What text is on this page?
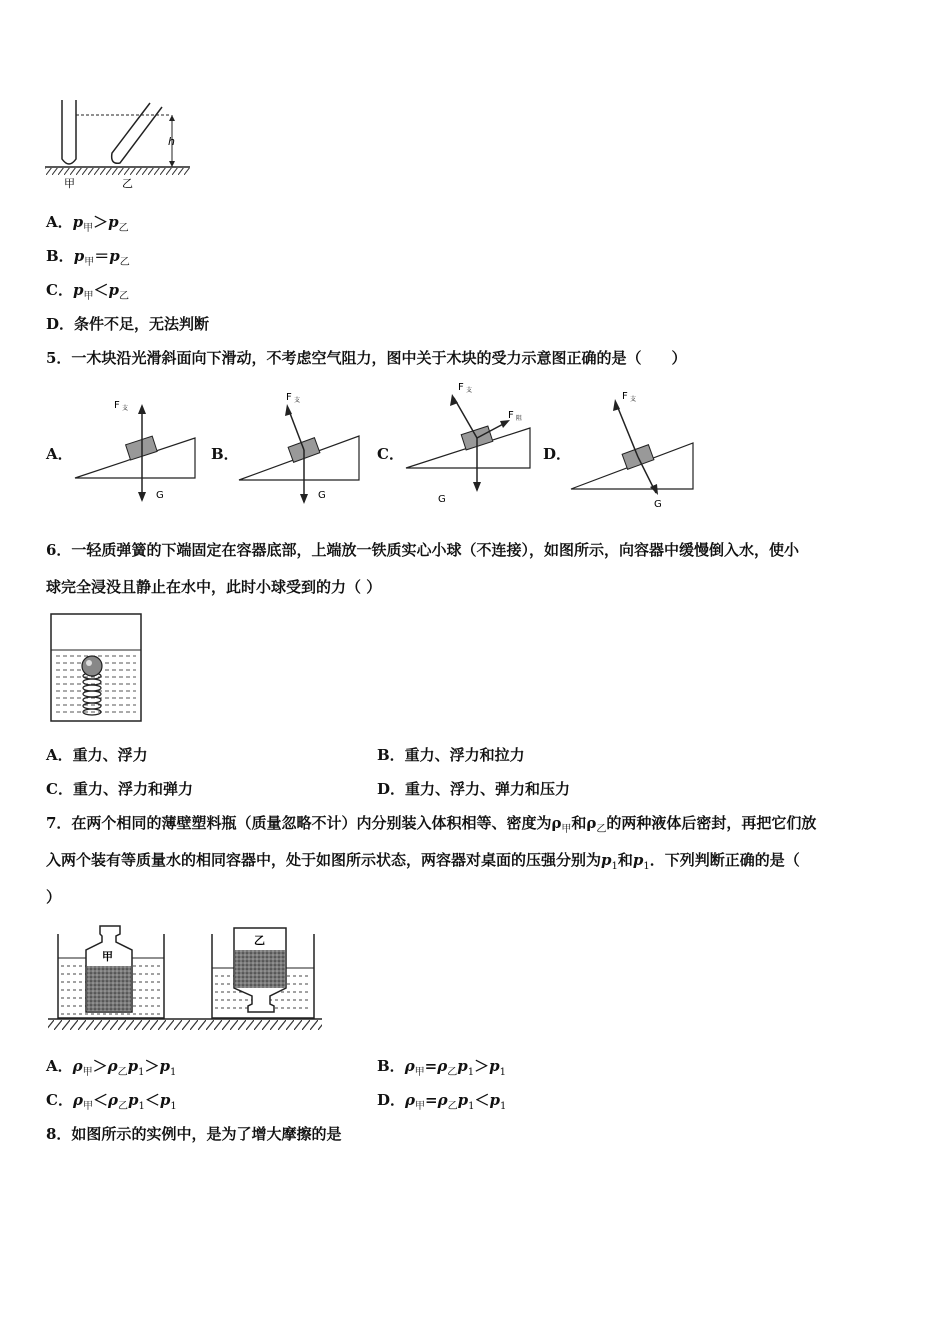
h
甲	乙
A．$p_甲>p_乙$
B．$p_甲=p_乙$
C．$p_甲<p_乙$
D．条件不足，无法判断
5．一木块沿光滑斜面向下滑动，不考虑空气阻力，图中关于木块的受力示意图正确的是（　　）
A．	B．	C．	D．
F 支
G
F 支
G
F 支
F 阻
G
F 支
G
6．一轻质弹簧的下端固定在容器底部，上端放一铁质实心小球（不连接），如图所示，向容器中缓慢倒入水，使小
球完全浸没且静止在水中，此时小球受到的力（ ）
A．重力、浮力	B．重力、浮力和拉力
C．重力、浮力和弹力	D．重力、浮力、弹力和压力
7．在两个相同的薄壁塑料瓶（质量忽略不计）内分别装入体积相等、密度为$\rho_甲$和$\rho_乙$的两种液体后密封，再把它们放
入两个装有等质量水的相同容器中，处于如图所示状态，两容器对桌面的压强分别为$p_1$和$p_1$．下列判断正确的是（
）
甲
乙
A．$\rho_甲>\rho_乙p_1>p_1$	B．$\rho_甲=\rho_乙p_1>p_1$
C．$\rho_甲<\rho_乙p_1<p_1$	D．$\rho_甲=\rho_乙p_1<p_1$
8．如图所示的实例中，是为了增大摩擦的是
